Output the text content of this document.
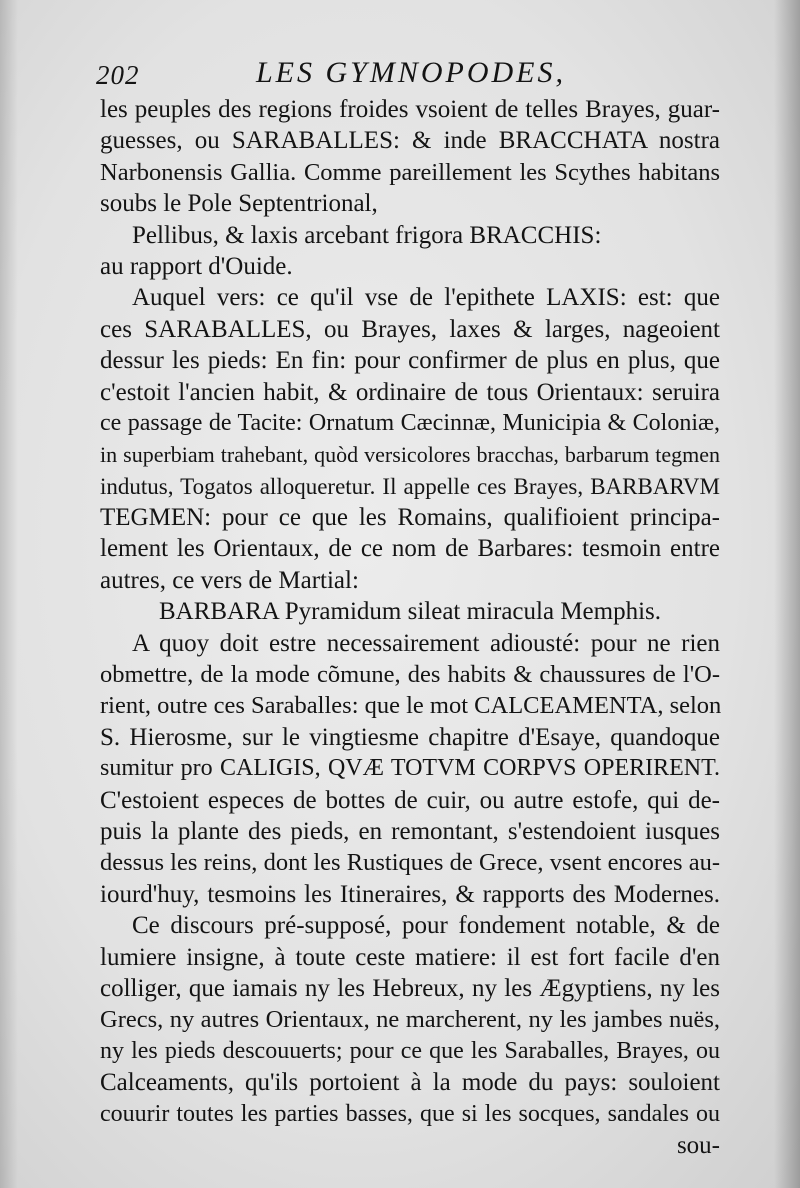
202	LES GYMNOPODES,
les peuples des regions froides vsoient de telles Brayes, guar-
guesses, ou SARABALLES: & inde BRACCHATA nostra
Narbonensis Gallia. Comme pareillement les Scythes habitans
soubs le Pole Septentrional,
Pellibus, & laxis arcebant frigora BRACCHIS:
au rapport d'Ouide.
Auquel vers: ce qu'il vse de l'epithete LAXIS: est: que
ces SARABALLES, ou Brayes, laxes & larges, nageoient
dessur les pieds: En fin: pour confirmer de plus en plus, que
c'estoit l'ancien habit, & ordinaire de tous Orientaux: seruira
ce passage de Tacite: Ornatum Cæcinnæ, Municipia & Coloniæ,
in superbiam trahebant, quòd versicolores bracchas, barbarum tegmen
indutus, Togatos alloqueretur. Il appelle ces Brayes, BARBARVM
TEGMEN: pour ce que les Romains, qualifioient principa-
lement les Orientaux, de ce nom de Barbares: tesmoin entre
autres, ce vers de Martial:
BARBARA Pyramidum sileat miracula Memphis.
A quoy doit estre necessairement adiousté: pour ne rien
obmettre, de la mode cõmune, des habits & chaussures de l'O-
rient, outre ces Saraballes: que le mot CALCEAMENTA, selon
S. Hierosme, sur le vingtiesme chapitre d'Esaye, quandoque
sumitur pro CALIGIS, QVÆ TOTVM CORPVS OPERIRENT.
C'estoient especes de bottes de cuir, ou autre estofe, qui de-
puis la plante des pieds, en remontant, s'estendoient iusques
dessus les reins, dont les Rustiques de Grece, vsent encores au-
iourd'huy, tesmoins les Itineraires, & rapports des Modernes.
Ce discours pré-supposé, pour fondement notable, & de
lumiere insigne, à toute ceste matiere: il est fort facile d'en
colliger, que iamais ny les Hebreux, ny les Ægyptiens, ny les
Grecs, ny autres Orientaux, ne marcherent, ny les jambes nuës,
ny les pieds descouuerts; pour ce que les Saraballes, Brayes, ou
Calceaments, qu'ils portoient à la mode du pays: souloient
couurir toutes les parties basses, que si les socques, sandales ou
sou-
